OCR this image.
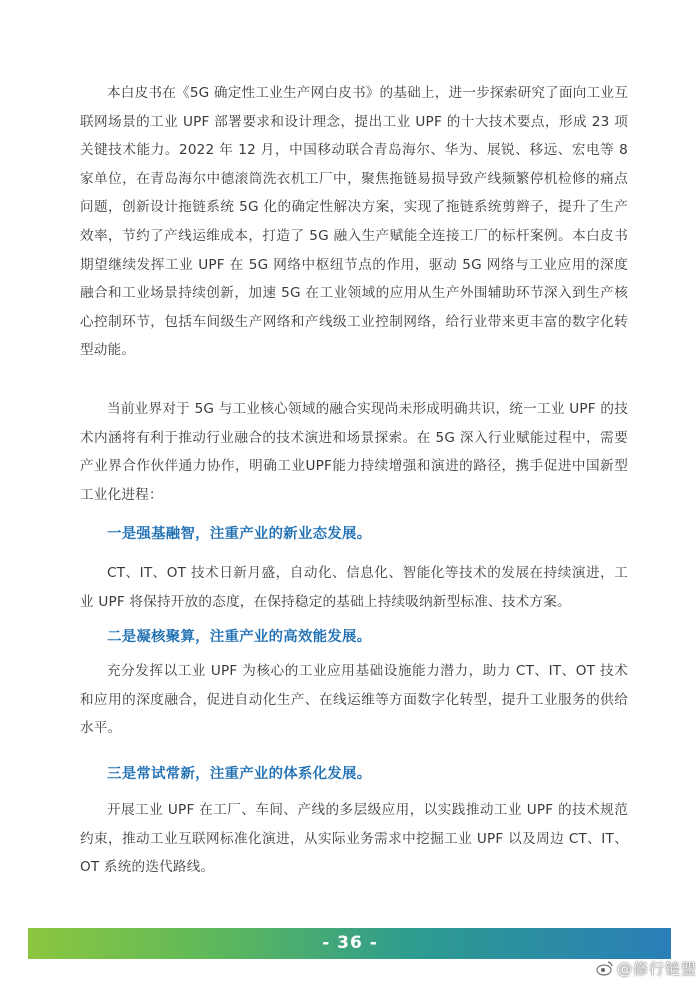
本白皮书在《5G 确定性工业生产网白皮书》的基础上，进一步探索研究了面向工业互联网场景的工业 UPF 部署要求和设计理念，提出工业 UPF 的十大技术要点，形成 23 项关键技术能力。2022 年 12 月，中国移动联合青岛海尔、华为、展锐、移远、宏电等 8 家单位，在青岛海尔中德滚筒洗衣机工厂中，聚焦拖链易损导致产线频繁停机检修的痛点问题，创新设计拖链系统 5G 化的确定性解决方案，实现了拖链系统剪辫子，提升了生产效率，节约了产线运维成本，打造了 5G 融入生产赋能全连接工厂的标杆案例。本白皮书期望继续发挥工业 UPF 在 5G 网络中枢纽节点的作用，驱动 5G 网络与工业应用的深度融合和工业场景持续创新，加速 5G 在工业领域的应用从生产外围辅助环节深入到生产核心控制环节，包括车间级生产网络和产线级工业控制网络，给行业带来更丰富的数字化转型动能。

当前业界对于 5G 与工业核心领域的融合实现尚未形成明确共识，统一工业 UPF 的技术内涵将有利于推动行业融合的技术演进和场景探索。在 5G 深入行业赋能过程中，需要产业界合作伙伴通力协作，明确工业UPF能力持续增强和演进的路径，携手促进中国新型工业化进程：

一是强基融智，注重产业的新业态发展。

CT、IT、OT 技术日新月盛，自动化、信息化、智能化等技术的发展在持续演进，工业 UPF 将保持开放的态度，在保持稳定的基础上持续吸纳新型标准、技术方案。

二是凝核聚算，注重产业的高效能发展。

充分发挥以工业 UPF 为核心的工业应用基础设施能力潜力，助力 CT、IT、OT 技术和应用的深度融合，促进自动化生产、在线运维等方面数字化转型，提升工业服务的供给水平。

三是常试常新，注重产业的体系化发展。

开展工业 UPF 在工厂、车间、产线的多层级应用，以实践推动工业 UPF 的技术规范约束，推动工业互联网标准化演进，从实际业务需求中挖掘工业 UPF 以及周边 CT、IT、OT 系统的迭代路线。

- 36 -
@修行链盟
